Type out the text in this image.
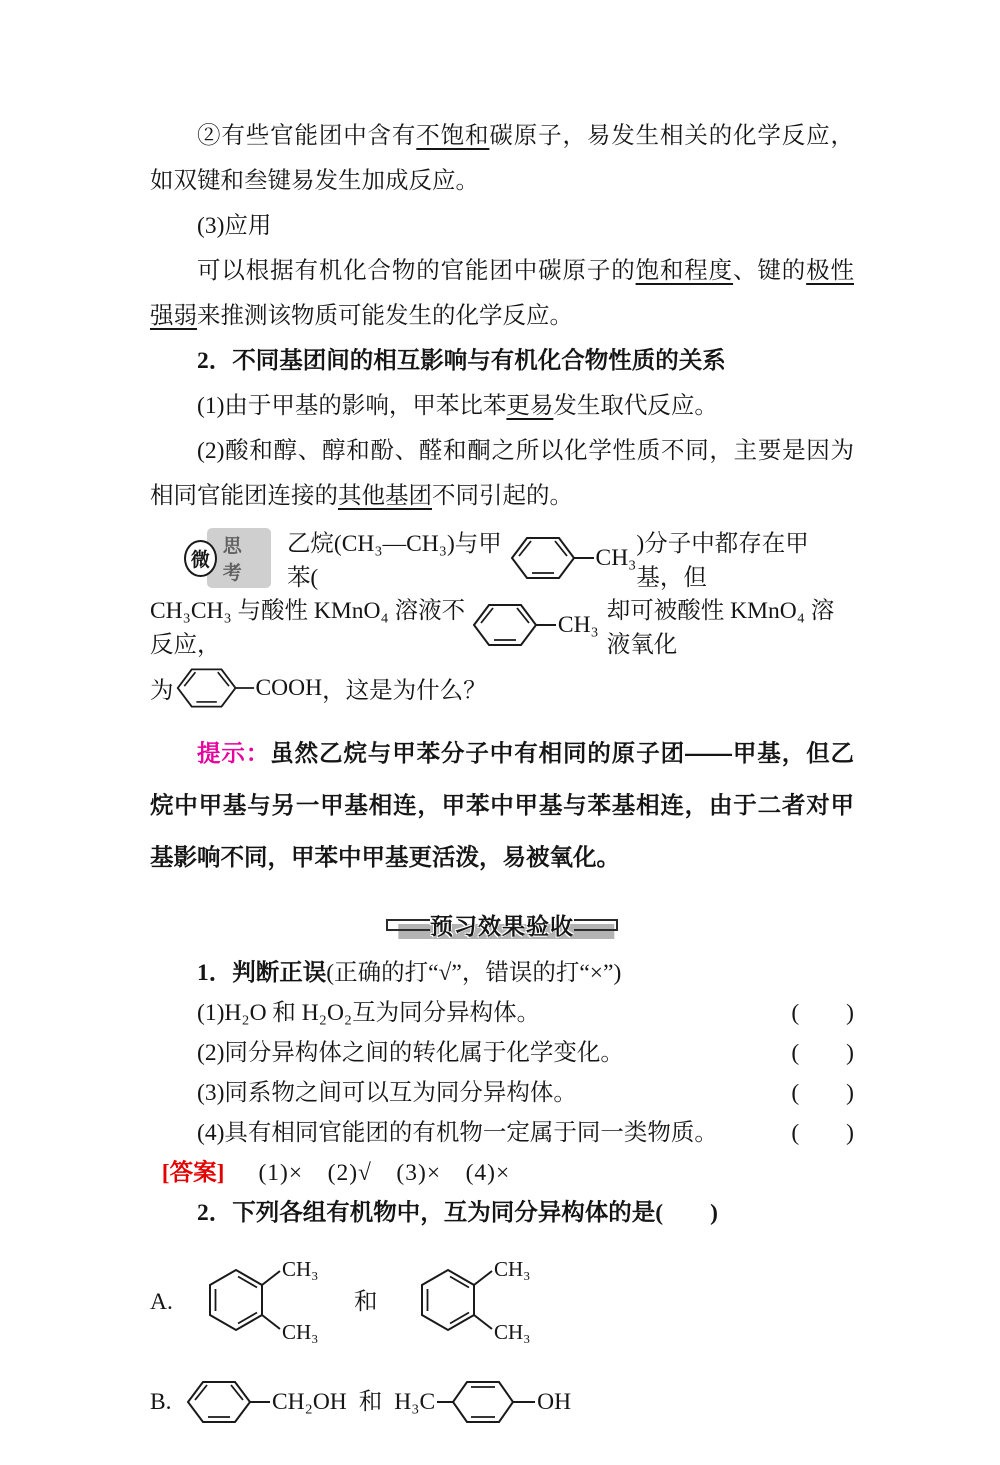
②有些官能团中含有不饱和碳原子，易发生相关的化学反应，如双键和叁键易发生加成反应。

(3)应用

可以根据有机化合物的官能团中碳原子的饱和程度、键的极性强弱来推测该物质可能发生的化学反应。

2．不同基团间的相互影响与有机化合物性质的关系

(1)由于甲基的影响，甲苯比苯更易发生取代反应。

(2)酸和醇、醇和酚、醛和酮之所以化学性质不同，主要是因为相同官能团连接的其他基团不同引起的。

微
思考
乙烷(CH₃—CH₃)与甲苯(
CH₃
)分子中都存在甲基，但
CH₃CH₃ 与酸性 KMnO₄ 溶液不反应，
CH₃
却可被酸性 KMnO₄ 溶液氧化
为	COOH ，这是为什么？

提示：虽然乙烷与甲苯分子中有相同的原子团——甲基，但乙烷中甲基与另一甲基相连，甲苯中甲基与苯基相连，由于二者对甲基影响不同，甲苯中甲基更活泼，易被氧化。

预习效果验收

1．判断正误(正确的打“√”，错误的打“×”)

(1)H₂O 和 H₂O₂互为同分异构体。	(　　)
(2)同分异构体之间的转化属于化学变化。	(　　)
(3)同系物之间可以互为同分异构体。	(　　)
(4)具有相同官能团的有机物一定属于同一类物质。	(　　)
[答案] (1)×　(2)√　(3)×　(4)×

2．下列各组有机物中，互为同分异构体的是(　　)

A.
CH₃
CH₃
和
CH₃
CH₃
B.	CH₂OH 和 H₃C	OH
